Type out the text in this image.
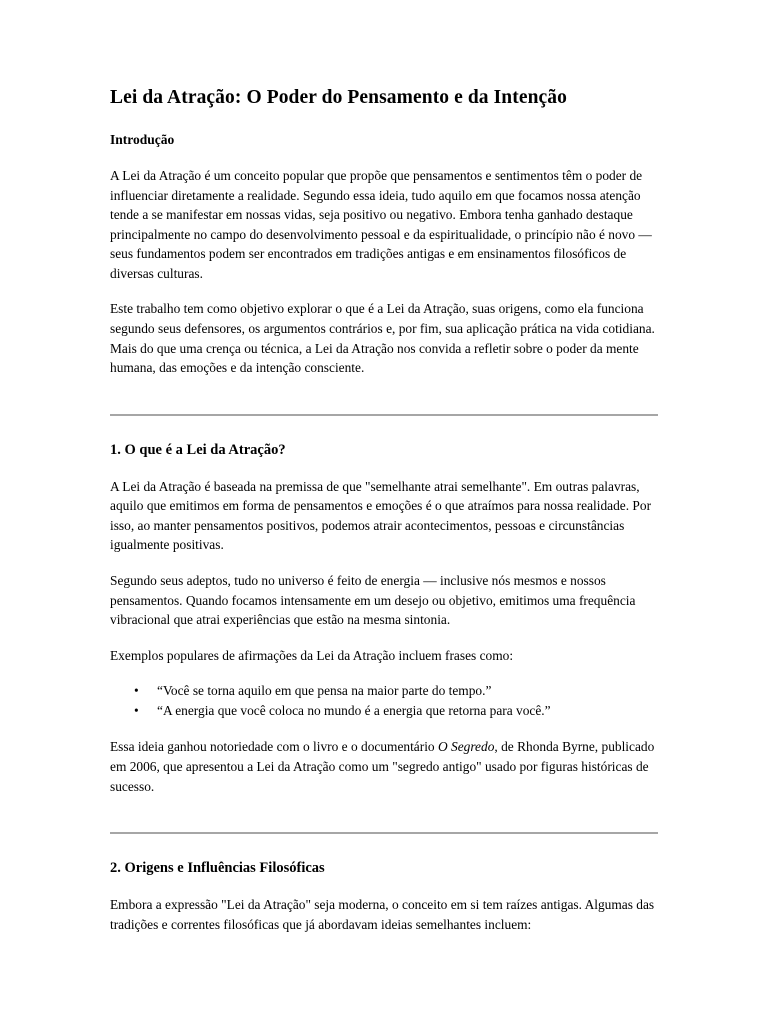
Lei da Atração: O Poder do Pensamento e da Intenção
Introdução

A Lei da Atração é um conceito popular que propõe que pensamentos e sentimentos têm o poder de influenciar diretamente a realidade. Segundo essa ideia, tudo aquilo em que focamos nossa atenção tende a se manifestar em nossas vidas, seja positivo ou negativo. Embora tenha ganhado destaque principalmente no campo do desenvolvimento pessoal e da espiritualidade, o princípio não é novo — seus fundamentos podem ser encontrados em tradições antigas e em ensinamentos filosóficos de diversas culturas.

Este trabalho tem como objetivo explorar o que é a Lei da Atração, suas origens, como ela funciona segundo seus defensores, os argumentos contrários e, por fim, sua aplicação prática na vida cotidiana. Mais do que uma crença ou técnica, a Lei da Atração nos convida a refletir sobre o poder da mente humana, das emoções e da intenção consciente.

1. O que é a Lei da Atração?

A Lei da Atração é baseada na premissa de que "semelhante atrai semelhante". Em outras palavras, aquilo que emitimos em forma de pensamentos e emoções é o que atraímos para nossa realidade. Por isso, ao manter pensamentos positivos, podemos atrair acontecimentos, pessoas e circunstâncias igualmente positivas.

Segundo seus adeptos, tudo no universo é feito de energia — inclusive nós mesmos e nossos pensamentos. Quando focamos intensamente em um desejo ou objetivo, emitimos uma frequência vibracional que atrai experiências que estão na mesma sintonia.

Exemplos populares de afirmações da Lei da Atração incluem frases como:

• “Você se torna aquilo em que pensa na maior parte do tempo.”
• “A energia que você coloca no mundo é a energia que retorna para você.”

Essa ideia ganhou notoriedade com o livro e o documentário O Segredo, de Rhonda Byrne, publicado em 2006, que apresentou a Lei da Atração como um "segredo antigo" usado por figuras históricas de sucesso.

2. Origens e Influências Filosóficas

Embora a expressão "Lei da Atração" seja moderna, o conceito em si tem raízes antigas. Algumas das tradições e correntes filosóficas que já abordavam ideias semelhantes incluem:
